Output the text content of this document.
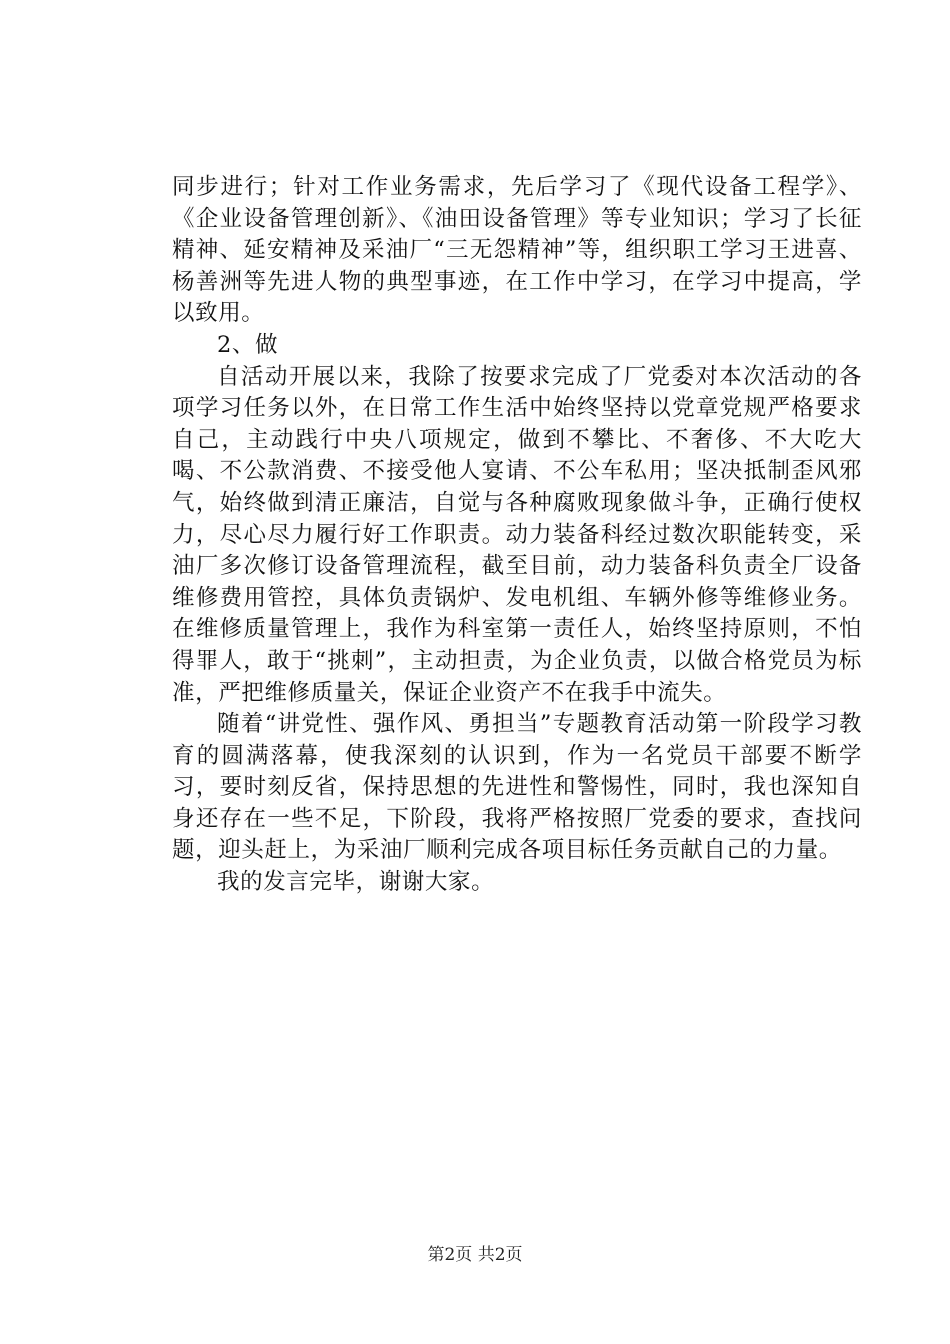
同步进行；针对工作业务需求，先后学习了《现代设备工程学》、《企业设备管理创新》、《油田设备管理》等专业知识；学习了长征精神、延安精神及采油厂“三无怨精神”等，组织职工学习王进喜、杨善洲等先进人物的典型事迹，在工作中学习，在学习中提高，学以致用。

2、做

自活动开展以来，我除了按要求完成了厂党委对本次活动的各项学习任务以外，在日常工作生活中始终坚持以党章党规严格要求自己，主动践行中央八项规定，做到不攀比、不奢侈、不大吃大喝、不公款消费、不接受他人宴请、不公车私用；坚决抵制歪风邪气，始终做到清正廉洁，自觉与各种腐败现象做斗争，正确行使权力，尽心尽力履行好工作职责。动力装备科经过数次职能转变，采油厂多次修订设备管理流程，截至目前，动力装备科负责全厂设备维修费用管控，具体负责锅炉、发电机组、车辆外修等维修业务。在维修质量管理上，我作为科室第一责任人，始终坚持原则，不怕得罪人，敢于“挑刺”，主动担责，为企业负责，以做合格党员为标准，严把维修质量关，保证企业资产不在我手中流失。

随着“讲党性、强作风、勇担当”专题教育活动第一阶段学习教育的圆满落幕，使我深刻的认识到，作为一名党员干部要不断学习，要时刻反省，保持思想的先进性和警惕性，同时，我也深知自身还存在一些不足，下阶段，我将严格按照厂党委的要求，查找问题，迎头赶上，为采油厂顺利完成各项目标任务贡献自己的力量。

我的发言完毕，谢谢大家。

第2页 共2页
